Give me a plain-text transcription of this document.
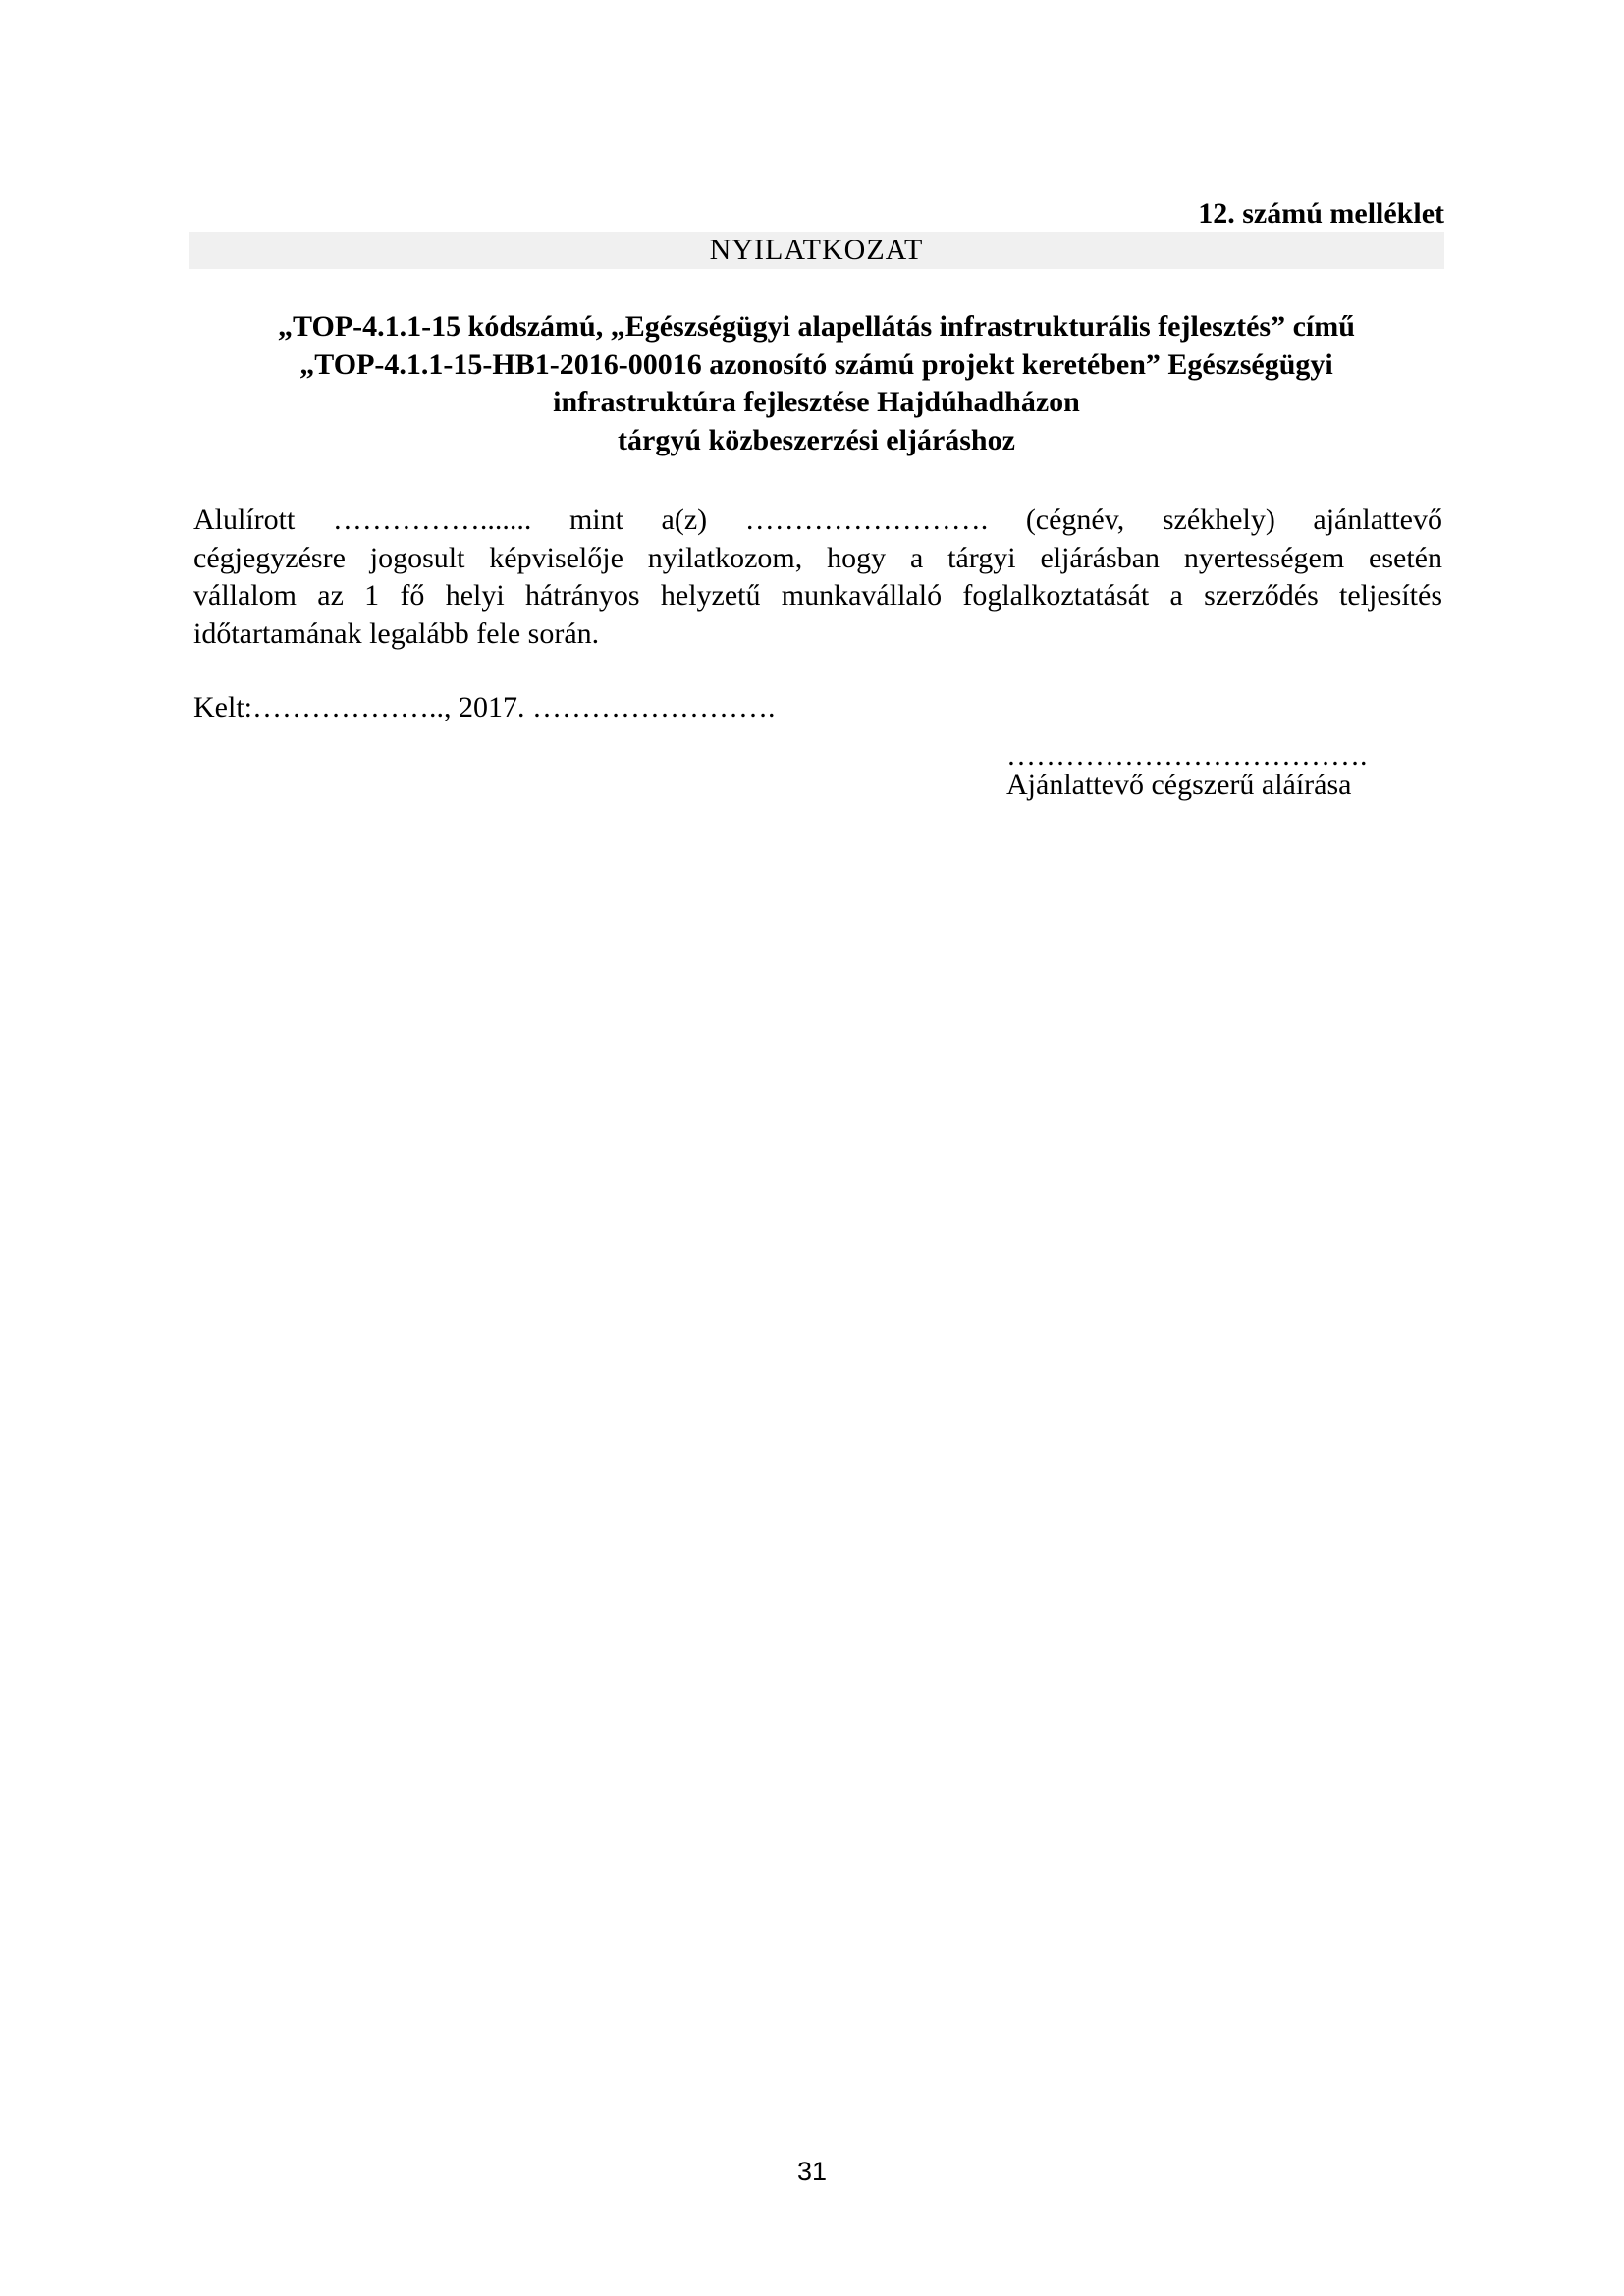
12. számú melléklet
NYILATKOZAT
„TOP-4.1.1-15 kódszámú, „Egészségügyi alapellátás infrastrukturális fejlesztés” című
„TOP-4.1.1-15-HB1-2016-00016 azonosító számú projekt keretében” Egészségügyi
infrastruktúra fejlesztése Hajdúhadházon
tárgyú közbeszerzési eljáráshoz
Alulírott ……………....... mint a(z) ……………………. (cégnév, székhely) ajánlattevő
cégjegyzésre jogosult képviselője nyilatkozom, hogy a tárgyi eljárásban nyertességem esetén
vállalom az 1 fő helyi hátrányos helyzetű munkavállaló foglalkoztatását a szerződés teljesítés
időtartamának legalább fele során.
Kelt:……………….., 2017. …………………….
……………………………….
Ajánlattevő cégszerű aláírása
31
